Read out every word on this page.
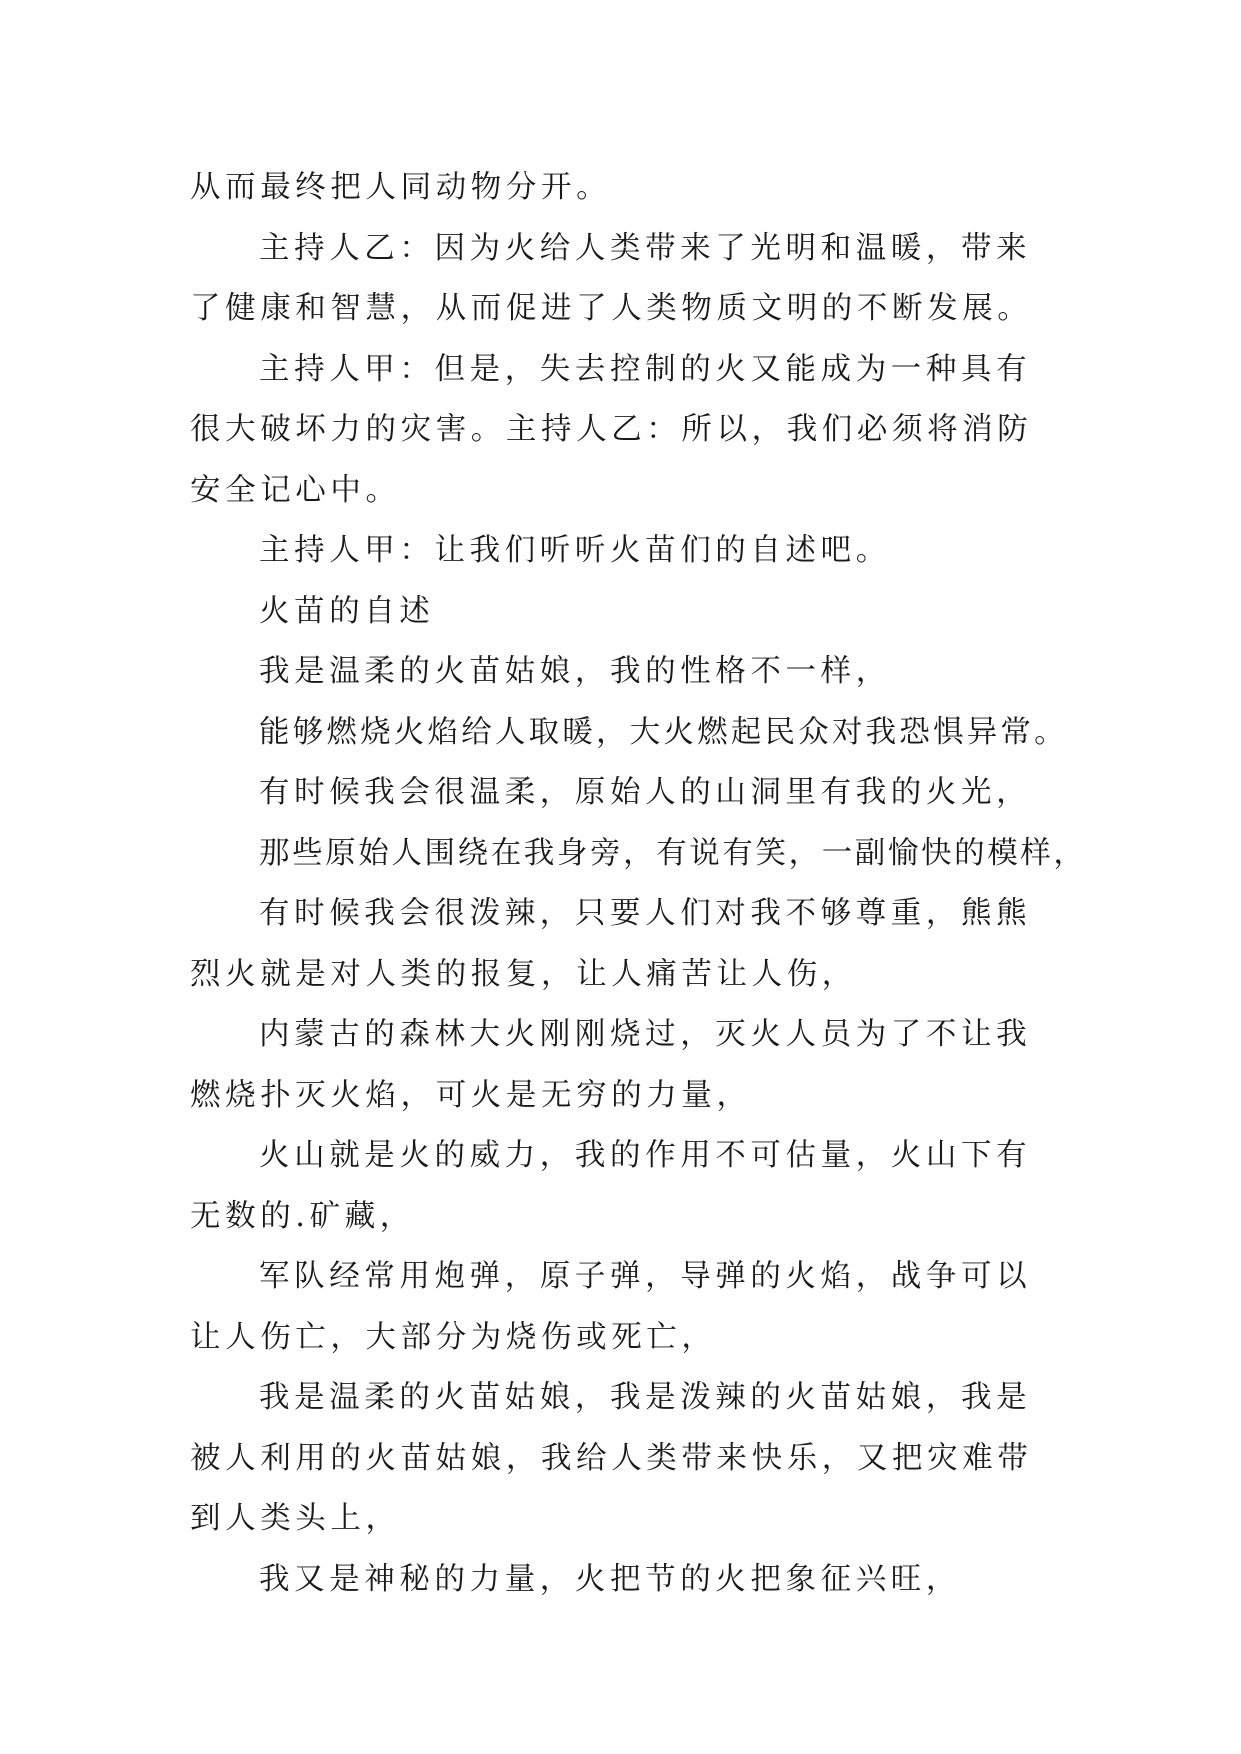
从而最终把人同动物分开。

主持人乙：因为火给人类带来了光明和温暖，带来了健康和智慧，从而促进了人类物质文明的不断发展。

主持人甲：但是，失去控制的火又能成为一种具有很大破坏力的灾害。主持人乙：所以，我们必须将消防安全记心中。

主持人甲：让我们听听火苗们的自述吧。

火苗的自述

我是温柔的火苗姑娘，我的性格不一样，

能够燃烧火焰给人取暖，大火燃起民众对我恐惧异常。

有时候我会很温柔，原始人的山洞里有我的火光，

那些原始人围绕在我身旁，有说有笑，一副愉快的模样，

有时候我会很泼辣，只要人们对我不够尊重，熊熊烈火就是对人类的报复，让人痛苦让人伤，

内蒙古的森林大火刚刚烧过，灭火人员为了不让我燃烧扑灭火焰，可火是无穷的力量，

火山就是火的威力，我的作用不可估量，火山下有无数的.矿藏，

军队经常用炮弹，原子弹，导弹的火焰，战争可以让人伤亡，大部分为烧伤或死亡，

我是温柔的火苗姑娘，我是泼辣的火苗姑娘，我是被人利用的火苗姑娘，我给人类带来快乐，又把灾难带到人类头上，

我又是神秘的力量，火把节的火把象征兴旺，
